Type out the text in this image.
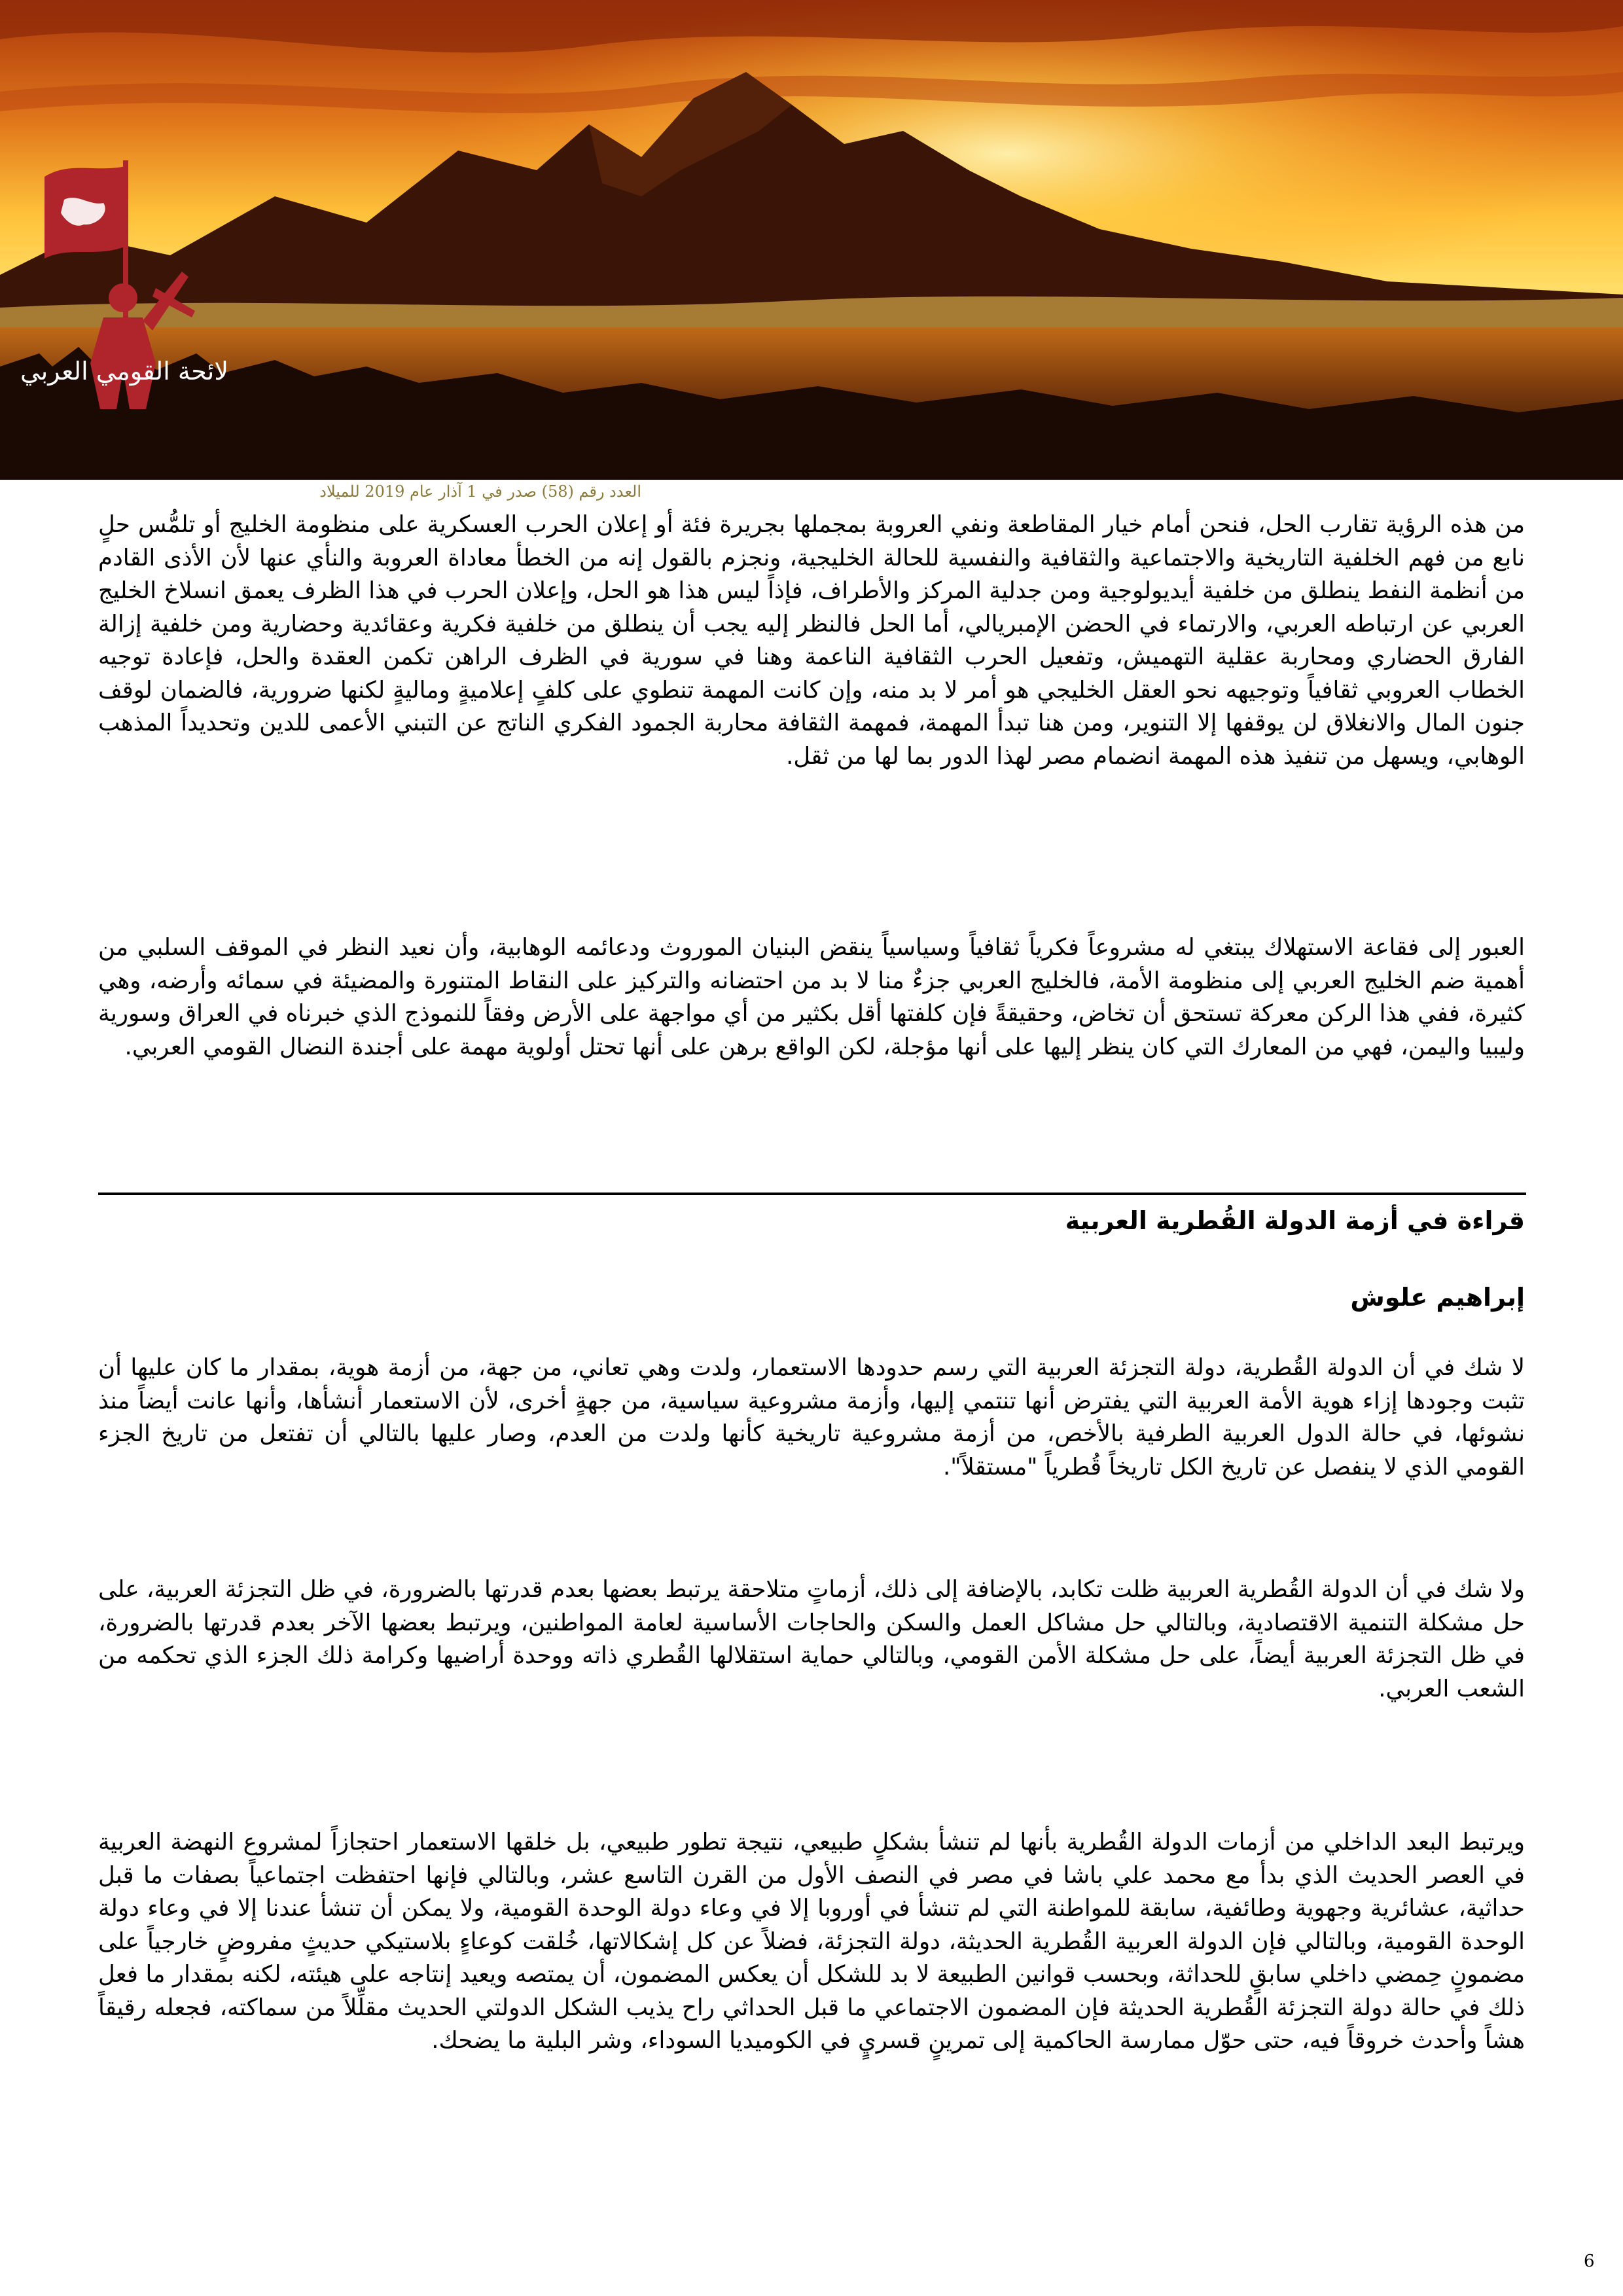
لائحة القومي العربي
العدد رقم (58) صدر في 1 آذار عام 2019 للميلاد

من هذه الرؤية تقارب الحل، فنحن أمام خيار المقاطعة ونفي العروبة بمجملها بجريرة فئة أو إعلان الحرب العسكرية على منظومة الخليج أو تلمُّس حلٍ نابع من فهم الخلفية التاريخية والاجتماعية والثقافية والنفسية للحالة الخليجية، ونجزم بالقول إنه من الخطأ معاداة العروبة والنأي عنها لأن الأذى القادم من أنظمة النفط ينطلق من خلفية أيديولوجية ومن جدلية المركز والأطراف، فإذاً ليس هذا هو الحل، وإعلان الحرب في هذا الظرف يعمق انسلاخ الخليج العربي عن ارتباطه العربي، والارتماء في الحضن الإمبريالي، أما الحل فالنظر إليه يجب أن ينطلق من خلفية فكرية وعقائدية وحضارية ومن خلفية إزالة الفارق الحضاري ومحاربة عقلية التهميش، وتفعيل الحرب الثقافية الناعمة وهنا في سورية في الظرف الراهن تكمن العقدة والحل، فإعادة توجيه الخطاب العروبي ثقافياً وتوجيهه نحو العقل الخليجي هو أمر لا بد منه، وإن كانت المهمة تنطوي على كلفٍ إعلاميةٍ وماليةٍ لكنها ضرورية، فالضمان لوقف جنون المال والانغلاق لن يوقفها إلا التنوير، ومن هنا تبدأ المهمة، فمهمة الثقافة محاربة الجمود الفكري الناتج عن التبني الأعمى للدين وتحديداً المذهب الوهابي، ويسهل من تنفيذ هذه المهمة انضمام مصر لهذا الدور بما لها من ثقل.

العبور إلى فقاعة الاستهلاك يبتغي له مشروعاً فكرياً ثقافياً وسياسياً ينقض البنيان الموروث ودعائمه الوهابية، وأن نعيد النظر في الموقف السلبي من أهمية ضم الخليج العربي إلى منظومة الأمة، فالخليج العربي جزءٌ منا لا بد من احتضانه والتركيز على النقاط المتنورة والمضيئة في سمائه وأرضه، وهي كثيرة، ففي هذا الركن معركة تستحق أن تخاض، وحقيقةً فإن كلفتها أقل بكثير من أي مواجهة على الأرض وفقاً للنموذج الذي خبرناه في العراق وسورية وليبيا واليمن، فهي من المعارك التي كان ينظر إليها على أنها مؤجلة، لكن الواقع برهن على أنها تحتل أولوية مهمة على أجندة النضال القومي العربي.

قراءة في أزمة الدولة القُطرية العربية
إبراهيم علوش

لا شك في أن الدولة القُطرية، دولة التجزئة العربية التي رسم حدودها الاستعمار، ولدت وهي تعاني، من جهة، من أزمة هوية، بمقدار ما كان عليها أن تثبت وجودها إزاء هوية الأمة العربية التي يفترض أنها تنتمي إليها، وأزمة مشروعية سياسية، من جهةٍ أخرى، لأن الاستعمار أنشأها، وأنها عانت أيضاً منذ نشوئها، في حالة الدول العربية الطرفية بالأخص، من أزمة مشروعية تاريخية كأنها ولدت من العدم، وصار عليها بالتالي أن تفتعل من تاريخ الجزء القومي الذي لا ينفصل عن تاريخ الكل تاريخاً قُطرياً "مستقلاً".

ولا شك في أن الدولة القُطرية العربية ظلت تكابد، بالإضافة إلى ذلك، أزماتٍ متلاحقة يرتبط بعضها بعدم قدرتها بالضرورة، في ظل التجزئة العربية، على حل مشكلة التنمية الاقتصادية، وبالتالي حل مشاكل العمل والسكن والحاجات الأساسية لعامة المواطنين، ويرتبط بعضها الآخر بعدم قدرتها بالضرورة، في ظل التجزئة العربية أيضاً، على حل مشكلة الأمن القومي، وبالتالي حماية استقلالها القُطري ذاته ووحدة أراضيها وكرامة ذلك الجزء الذي تحكمه من الشعب العربي.

ويرتبط البعد الداخلي من أزمات الدولة القُطرية بأنها لم تنشأ بشكلٍ طبيعي، نتيجة تطور طبيعي، بل خلقها الاستعمار احتجازاً لمشروع النهضة العربية في العصر الحديث الذي بدأ مع محمد علي باشا في مصر في النصف الأول من القرن التاسع عشر، وبالتالي فإنها احتفظت اجتماعياً بصفات ما قبل حداثية، عشائرية وجهوية وطائفية، سابقة للمواطنة التي لم تنشأ في أوروبا إلا في وعاء دولة الوحدة القومية، ولا يمكن أن تنشأ عندنا إلا في وعاء دولة الوحدة القومية، وبالتالي فإن الدولة العربية القُطرية الحديثة، دولة التجزئة، فضلاً عن كل إشكالاتها، خُلقت كوعاءٍ بلاستيكي حديثٍ مفروضٍ خارجياً على مضمونٍ حِمضي داخلي سابقٍ للحداثة، وبحسب قوانين الطبيعة لا بد للشكل أن يعكس المضمون، أن يمتصه ويعيد إنتاجه على هيئته، لكنه بمقدار ما فعل ذلك في حالة دولة التجزئة القُطرية الحديثة فإن المضمون الاجتماعي ما قبل الحداثي راح يذيب الشكل الدولتي الحديث مقلِّلاً من سماكته، فجعله رقيقاً هشاً وأحدث خروقاً فيه، حتى حوّل ممارسة الحاكمية إلى تمرينٍ قسريٍ في الكوميديا السوداء، وشر البلية ما يضحك.

6
